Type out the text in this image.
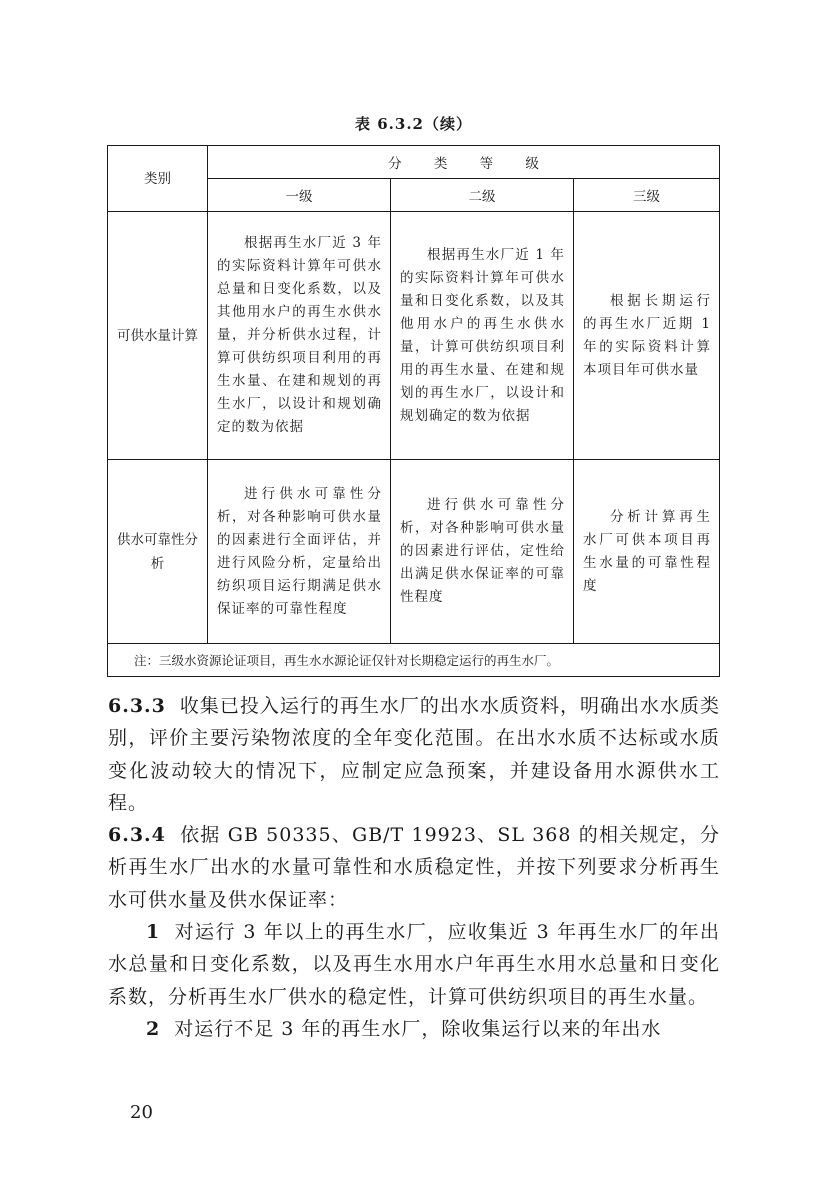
表 6.3.2（续）
类别	分 类 等 级		
	一级	二级	三级
可供水量计算	根据再生水厂近 3 年的实际资料计算年可供水总量和日变化系数，以及其他用水户的再生水供水量，并分析供水过程，计算可供纺织项目利用的再生水量、在建和规划的再生水厂，以设计和规划确定的数为依据	根据再生水厂近 1 年的实际资料计算年可供水量和日变化系数，以及其他用水户的再生水供水量，计算可供纺织项目利用的再生水量、在建和规划的再生水厂，以设计和规划确定的数为依据	根据长期运行的再生水厂近期 1 年的实际资料计算本项目年可供水量
供水可靠性分析	进行供水可靠性分析，对各种影响可供水量的因素进行全面评估，并进行风险分析，定量给出纺织项目运行期满足供水保证率的可靠性程度	进行供水可靠性分析，对各种影响可供水量的因素进行评估，定性给出满足供水保证率的可靠性程度	分析计算再生水厂可供本项目再生水量的可靠性程度
注：三级水资源论证项目，再生水水源论证仅针对长期稳定运行的再生水厂。			

6.3.3 收集已投入运行的再生水厂的出水水质资料，明确出水水质类别，评价主要污染物浓度的全年变化范围。在出水水质不达标或水质变化波动较大的情况下，应制定应急预案，并建设备用水源供水工程。

6.3.4 依据 GB 50335、GB/T 19923、SL 368 的相关规定，分析再生水厂出水的水量可靠性和水质稳定性，并按下列要求分析再生水可供水量及供水保证率：

1 对运行 3 年以上的再生水厂，应收集近 3 年再生水厂的年出水总量和日变化系数，以及再生水用水户年再生水用水总量和日变化系数，分析再生水厂供水的稳定性，计算可供纺织项目的再生水量。

2 对运行不足 3 年的再生水厂，除收集运行以来的年出水

20
